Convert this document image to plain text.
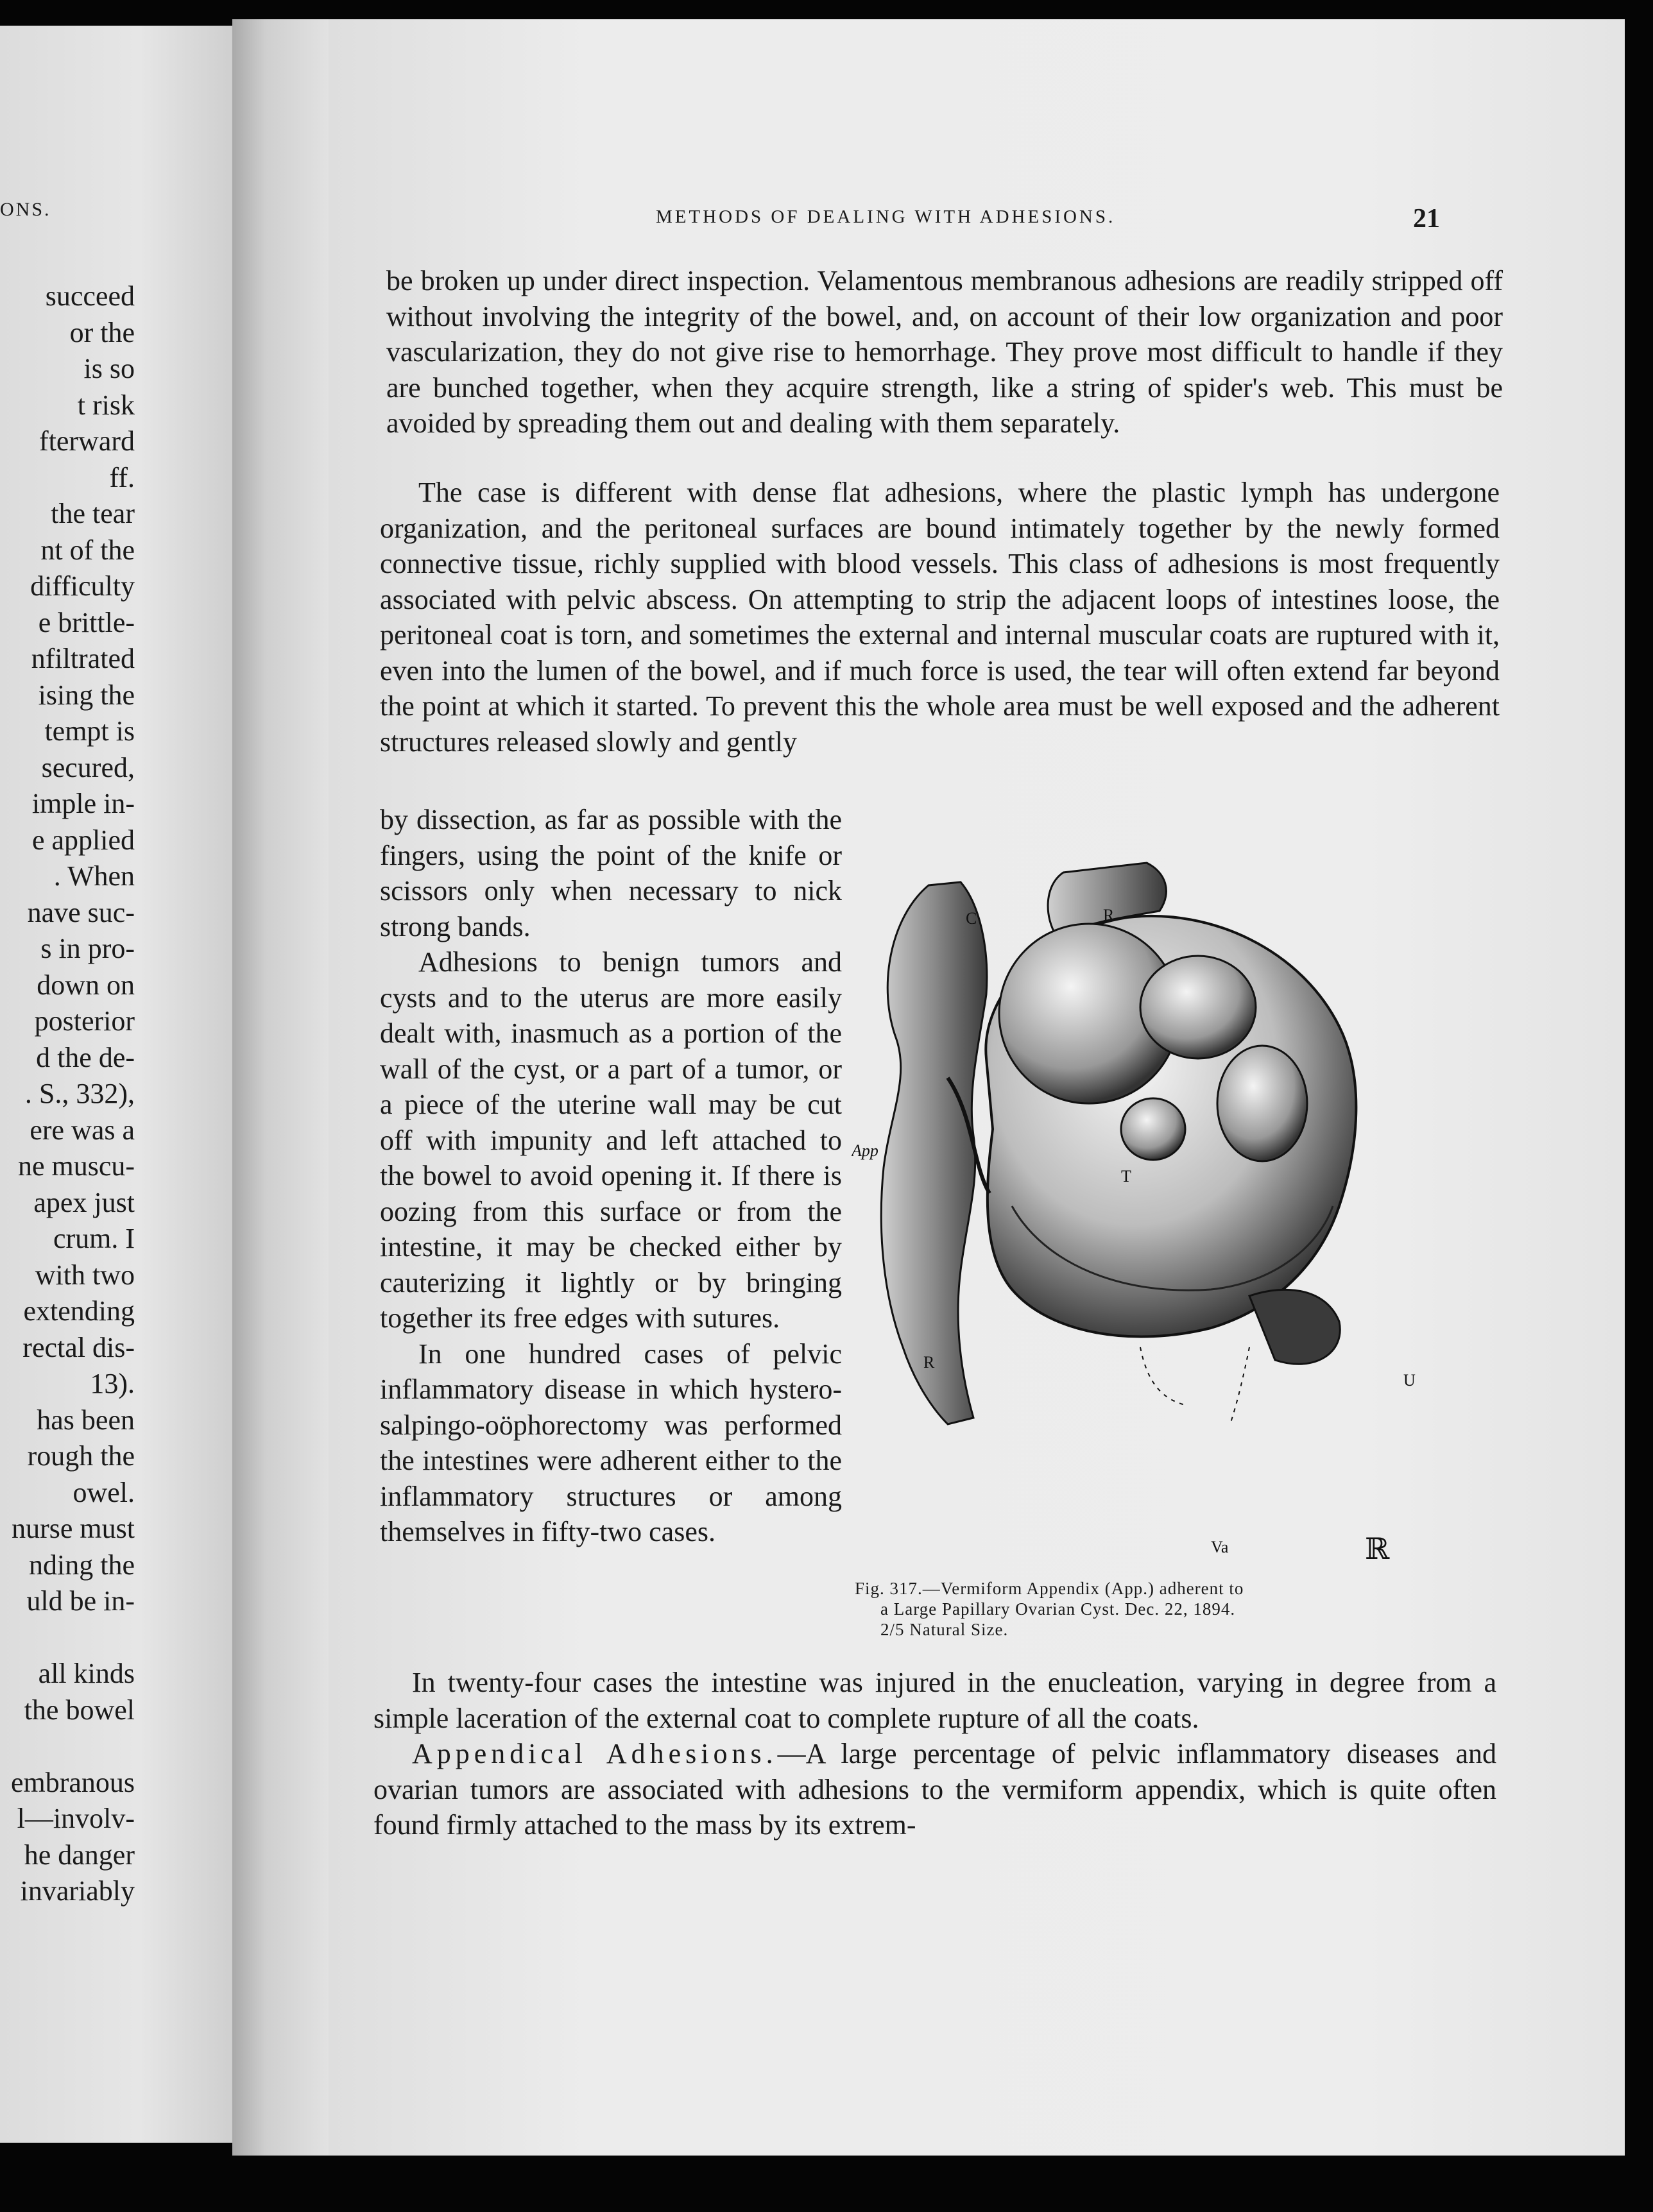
ONS.
succeed
or the
is so
t risk
fterward
ff.
the tear
nt of the
difficulty
e brittle-
nfiltrated
ising the
tempt is
secured,
imple in-
e applied
. When
nave suc-
s in pro-
down on
posterior
d the de-
. S., 332),
ere was a
ne muscu-
apex just
crum. I
with two
extending
rectal dis-
13).
has been
rough the
owel.
nurse must
nding the
uld be in-

all kinds
the bowel

embranous
l—involv-
he danger
invariably
METHODS OF DEALING WITH ADHESIONS.	21

be broken up under direct inspection. Velamentous membranous adhesions are readily stripped off without involving the integrity of the bowel, and, on account of their low organization and poor vascularization, they do not give rise to hemorrhage. They prove most difficult to handle if they are bunched together, when they acquire strength, like a string of spider's web. This must be avoided by spreading them out and dealing with them separately.

The case is different with dense flat adhesions, where the plastic lymph has undergone organization, and the peritoneal surfaces are bound intimately together by the newly formed connective tissue, richly supplied with blood vessels. This class of adhesions is most frequently associated with pelvic abscess. On attempting to strip the adjacent loops of intestines loose, the peritoneal coat is torn, and sometimes the external and internal muscular coats are ruptured with it, even into the lumen of the bowel, and if much force is used, the tear will often extend far beyond the point at which it started. To prevent this the whole area must be well exposed and the adherent structures released slowly and gently

by dissection, as far as possible with the fingers, using the point of the knife or scissors only when necessary to nick strong bands.

Adhesions to benign tumors and cysts and to the uterus are more easily dealt with, inasmuch as a portion of the wall of the cyst, or a part of a tumor, or a piece of the uterine wall may be cut off with impunity and left attached to the bowel to avoid opening it. If there is oozing from this surface or from the intestine, it may be checked either by cauterizing it lightly or by bringing together its free edges with sutures.

In one hundred cases of pelvic inflammatory disease in which hystero-salpingo-oöphorectomy was performed the intestines were adherent either to the inflammatory structures or among themselves in fifty-two cases.

C	R
App
T
R
U
Va	ℝ
Fig. 317.—Vermiform Appendix (App.) adherent to
a Large Papillary Ovarian Cyst. Dec. 22, 1894.
2/5 Natural Size.

In twenty-four cases the intestine was injured in the enucleation, varying in degree from a simple laceration of the external coat to complete rupture of all the coats.

Appendical Adhesions.—A large percentage of pelvic inflammatory diseases and ovarian tumors are associated with adhesions to the vermiform appendix, which is quite often found firmly attached to the mass by its extrem-
